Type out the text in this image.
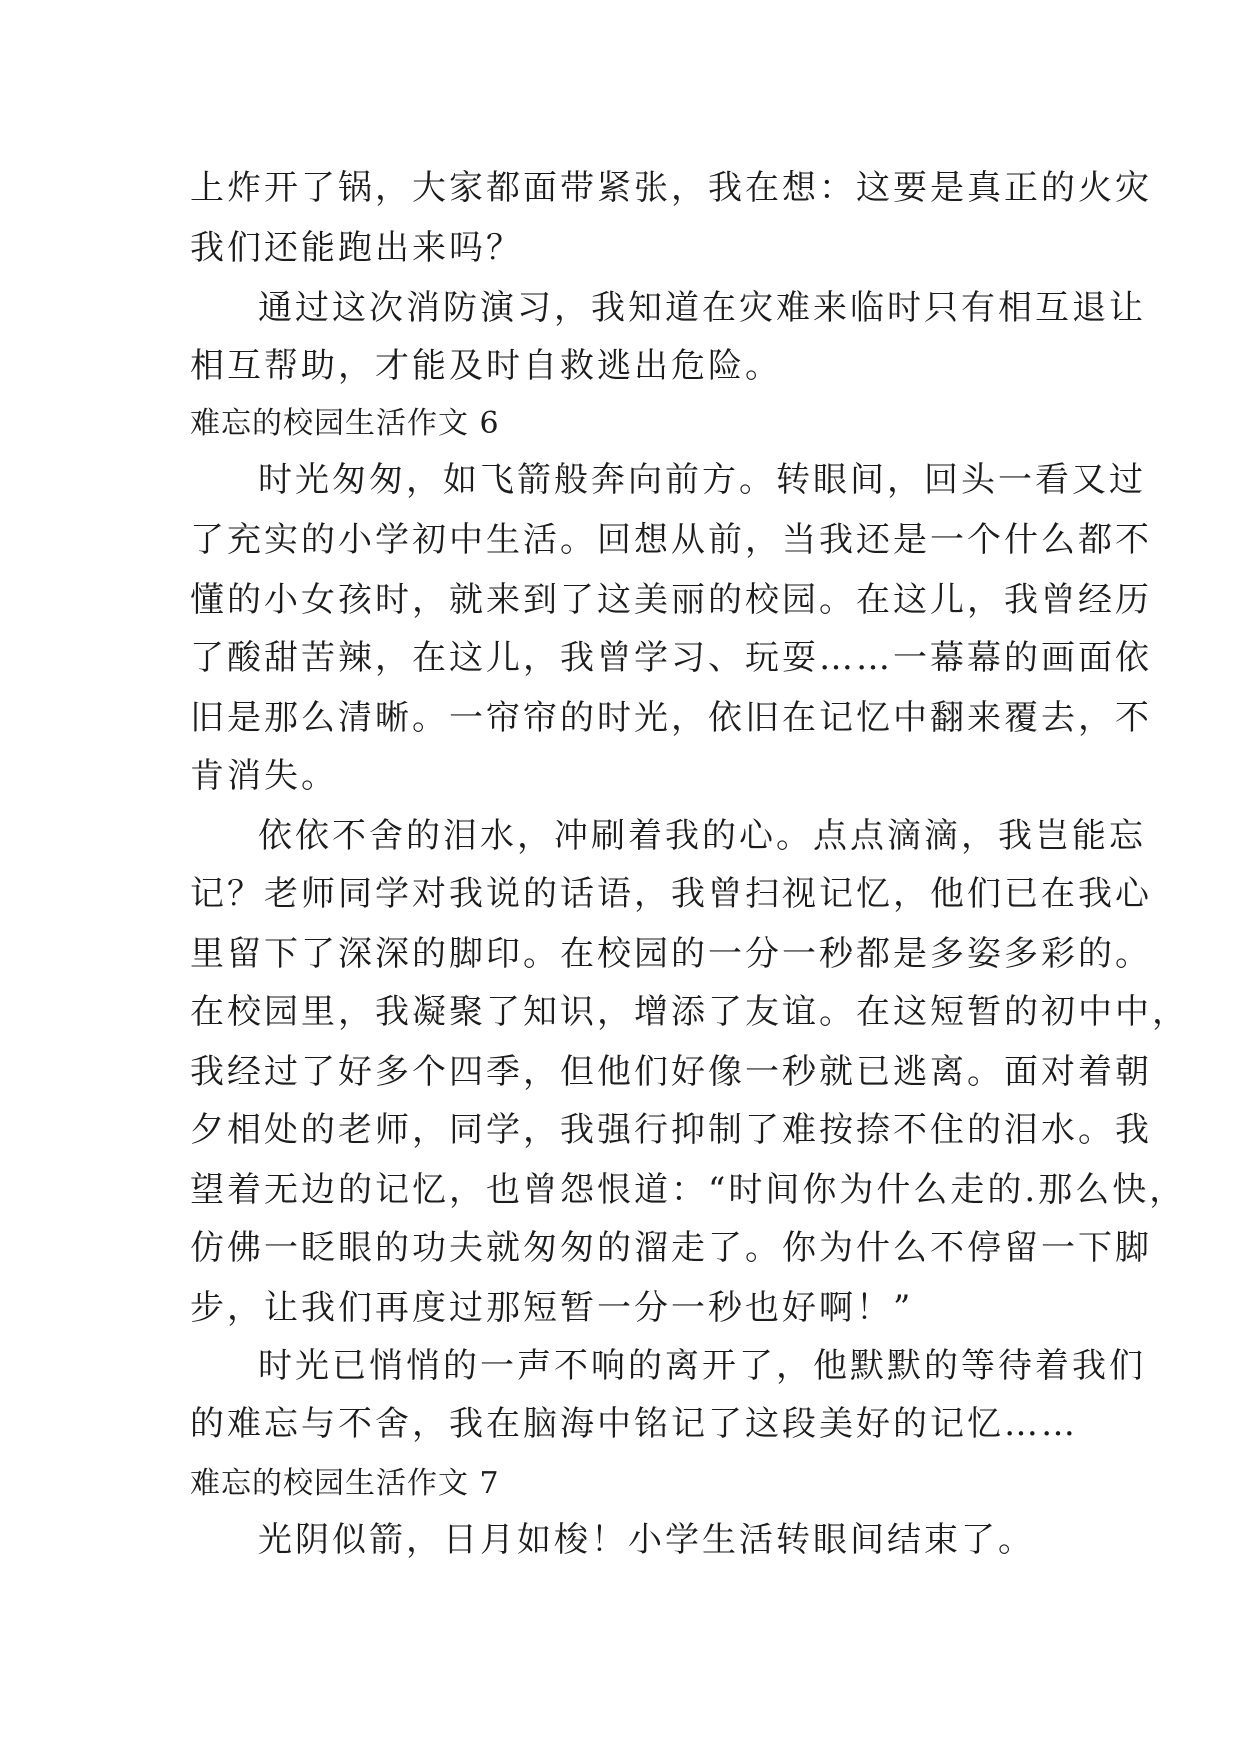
上炸开了锅，大家都面带紧张，我在想：这要是真正的火灾
我们还能跑出来吗？
通过这次消防演习，我知道在灾难来临时只有相互退让
相互帮助，才能及时自救逃出危险。
难忘的校园生活作文 6
时光匆匆，如飞箭般奔向前方。转眼间，回头一看又过
了充实的小学初中生活。回想从前，当我还是一个什么都不
懂的小女孩时，就来到了这美丽的校园。在这儿，我曾经历
了酸甜苦辣，在这儿，我曾学习、玩耍……一幕幕的画面依
旧是那么清晰。一帘帘的时光，依旧在记忆中翻来覆去，不
肯消失。
依依不舍的泪水，冲刷着我的心。点点滴滴，我岂能忘
记？老师同学对我说的话语，我曾扫视记忆，他们已在我心
里留下了深深的脚印。在校园的一分一秒都是多姿多彩的。
在校园里，我凝聚了知识，增添了友谊。在这短暂的初中中，
我经过了好多个四季，但他们好像一秒就已逃离。面对着朝
夕相处的老师，同学，我强行抑制了难按捺不住的泪水。我
望着无边的记忆，也曾怨恨道：“时间你为什么走的.那么快，
仿佛一眨眼的功夫就匆匆的溜走了。你为什么不停留一下脚
步，让我们再度过那短暂一分一秒也好啊！”
时光已悄悄的一声不响的离开了，他默默的等待着我们
的难忘与不舍，我在脑海中铭记了这段美好的记忆……
难忘的校园生活作文 7
光阴似箭，日月如梭！小学生活转眼间结束了。
